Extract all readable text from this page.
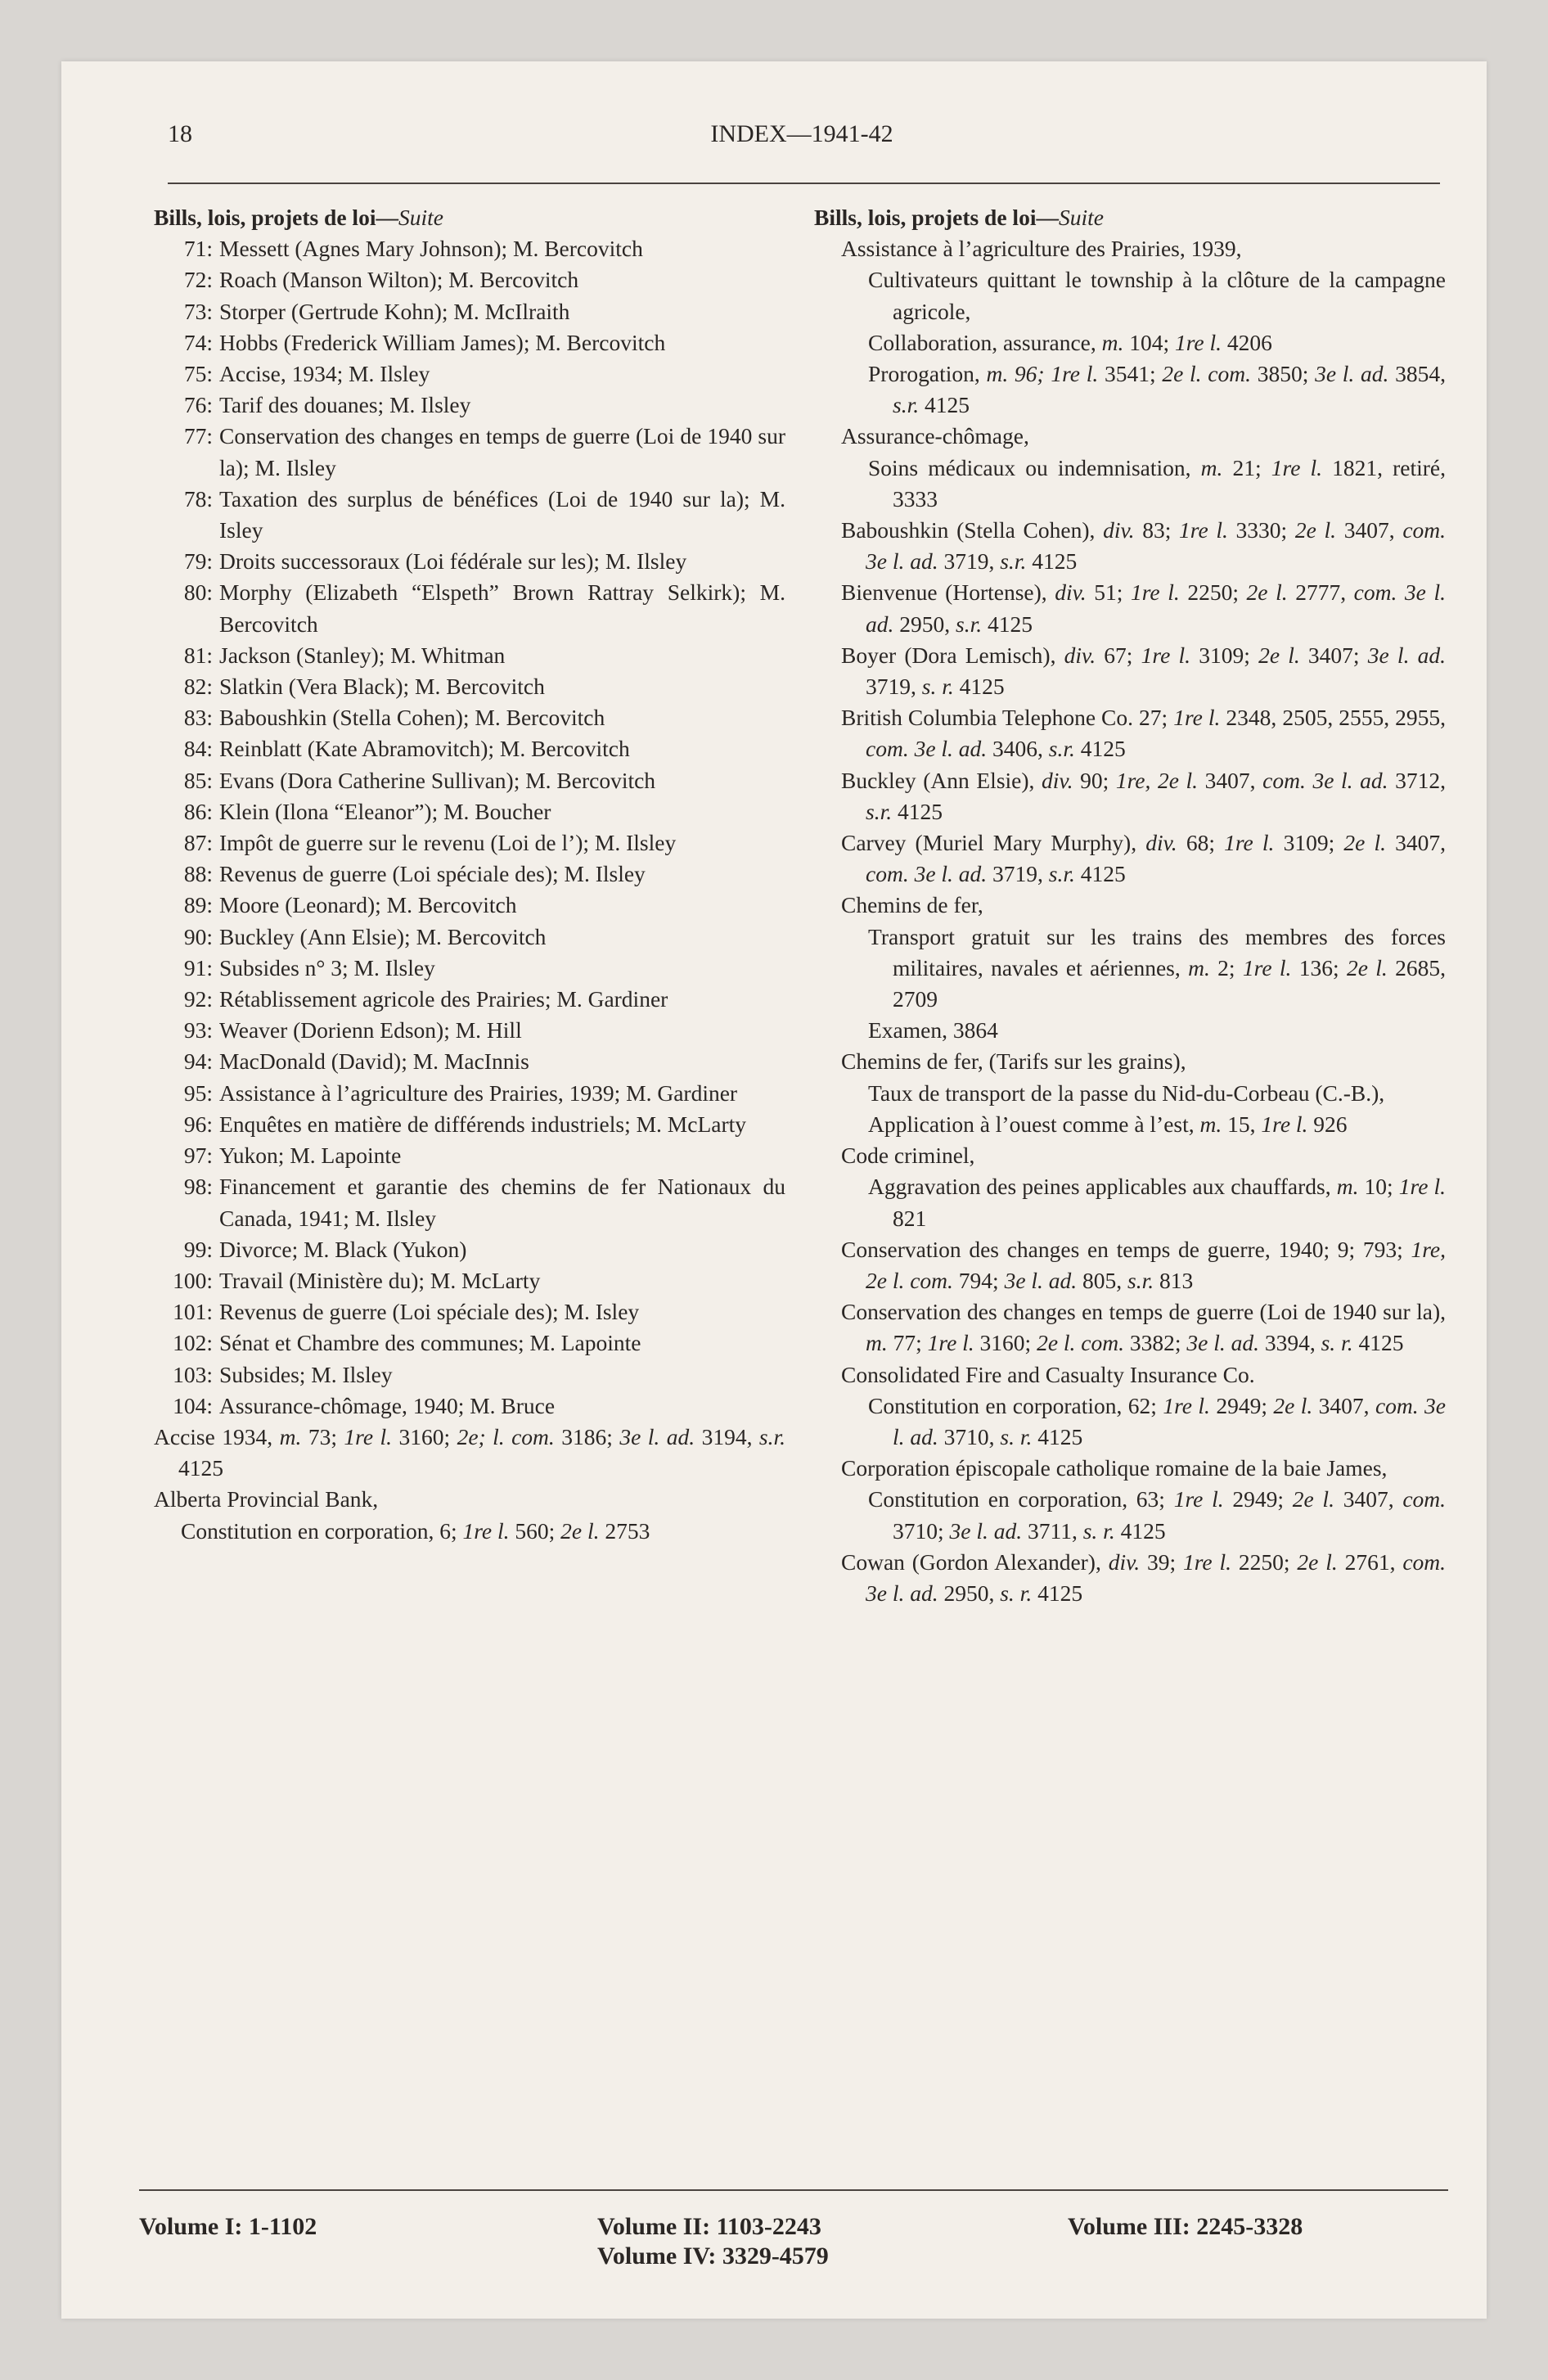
18	INDEX—1941-42
Bills, lois, projets de loi—Suite
71: Messett (Agnes Mary Johnson); M. Bercovitch
72: Roach (Manson Wilton); M. Bercovitch
73: Storper (Gertrude Kohn); M. McIlraith
74: Hobbs (Frederick William James); M. Bercovitch
75: Accise, 1934; M. Ilsley
76: Tarif des douanes; M. Ilsley
77: Conservation des changes en temps de guerre (Loi de 1940 sur la); M. Ilsley
78: Taxation des surplus de bénéfices (Loi de 1940 sur la); M. Isley
79: Droits successoraux (Loi fédérale sur les); M. Ilsley
80: Morphy (Elizabeth “Elspeth” Brown Rattray Selkirk); M. Bercovitch
81: Jackson (Stanley); M. Whitman
82: Slatkin (Vera Black); M. Bercovitch
83: Baboushkin (Stella Cohen); M. Bercovitch
84: Reinblatt (Kate Abramovitch); M. Bercovitch
85: Evans (Dora Catherine Sullivan); M. Bercovitch
86: Klein (Ilona “Eleanor”); M. Boucher
87: Impôt de guerre sur le revenu (Loi de l’); M. Ilsley
88: Revenus de guerre (Loi spéciale des); M. Ilsley
89: Moore (Leonard); M. Bercovitch
90: Buckley (Ann Elsie); M. Bercovitch
91: Subsides n° 3; M. Ilsley
92: Rétablissement agricole des Prairies; M. Gardiner
93: Weaver (Dorienn Edson); M. Hill
94: MacDonald (David); M. MacInnis
95: Assistance à l’agriculture des Prairies, 1939; M. Gardiner
96: Enquêtes en matière de différends industriels; M. McLarty
97: Yukon; M. Lapointe
98: Financement et garantie des chemins de fer Nationaux du Canada, 1941; M. Ilsley
99: Divorce; M. Black (Yukon)
100: Travail (Ministère du); M. McLarty
101: Revenus de guerre (Loi spéciale des); M. Isley
102: Sénat et Chambre des communes; M. Lapointe
103: Subsides; M. Ilsley
104: Assurance-chômage, 1940; M. Bruce
Accise 1934, m. 73; 1re l. 3160; 2e; l. com. 3186; 3e l. ad. 3194, s.r. 4125
Alberta Provincial Bank,
Constitution en corporation, 6; 1re l. 560; 2e l. 2753
Bills, lois, projets de loi—Suite
Assistance à l’agriculture des Prairies, 1939,
Cultivateurs quittant le township à la clôture de la campagne agricole,
Collaboration, assurance, m. 104; 1re l. 4206
Prorogation, m. 96; 1re l. 3541; 2e l. com. 3850; 3e l. ad. 3854, s.r. 4125
Assurance-chômage,
Soins médicaux ou indemnisation, m. 21; 1re l. 1821, retiré, 3333
Baboushkin (Stella Cohen), div. 83; 1re l. 3330; 2e l. 3407, com. 3e l. ad. 3719, s.r. 4125
Bienvenue (Hortense), div. 51; 1re l. 2250; 2e l. 2777, com. 3e l. ad. 2950, s.r. 4125
Boyer (Dora Lemisch), div. 67; 1re l. 3109; 2e l. 3407; 3e l. ad. 3719, s. r. 4125
British Columbia Telephone Co. 27; 1re l. 2348, 2505, 2555, 2955, com. 3e l. ad. 3406, s.r. 4125
Buckley (Ann Elsie), div. 90; 1re, 2e l. 3407, com. 3e l. ad. 3712, s.r. 4125
Carvey (Muriel Mary Murphy), div. 68; 1re l. 3109; 2e l. 3407, com. 3e l. ad. 3719, s.r. 4125
Chemins de fer,
Transport gratuit sur les trains des membres des forces militaires, navales et aériennes, m. 2; 1re l. 136; 2e l. 2685, 2709
Examen, 3864
Chemins de fer, (Tarifs sur les grains),
Taux de transport de la passe du Nid-du-Corbeau (C.-B.),
Application à l’ouest comme à l’est, m. 15, 1re l. 926
Code criminel,
Aggravation des peines applicables aux chauffards, m. 10; 1re l. 821
Conservation des changes en temps de guerre, 1940; 9; 793; 1re, 2e l. com. 794; 3e l. ad. 805, s.r. 813
Conservation des changes en temps de guerre (Loi de 1940 sur la), m. 77; 1re l. 3160; 2e l. com. 3382; 3e l. ad. 3394, s. r. 4125
Consolidated Fire and Casualty Insurance Co.
Constitution en corporation, 62; 1re l. 2949; 2e l. 3407, com. 3e l. ad. 3710, s. r. 4125
Corporation épiscopale catholique romaine de la baie James,
Constitution en corporation, 63; 1re l. 2949; 2e l. 3407, com. 3710; 3e l. ad. 3711, s. r. 4125
Cowan (Gordon Alexander), div. 39; 1re l. 2250; 2e l. 2761, com. 3e l. ad. 2950, s. r. 4125
Volume I: 1-1102	Volume II: 1103-2243
Volume IV: 3329-4579
Volume III: 2245-3328
